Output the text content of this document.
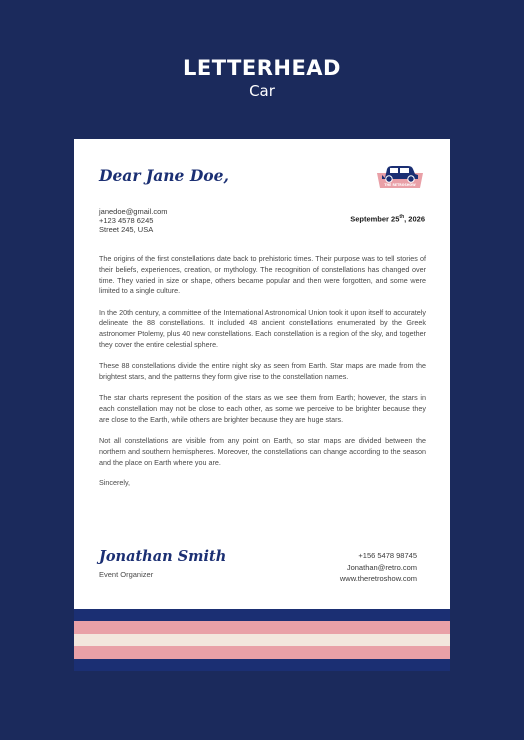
LETTERHEAD
Car
Dear Jane Doe,	THE RETROSHOW
janedoe@gmail.com
+123 4578 6245
Street 245, USA
September 25th, 2026

The origins of the first constellations date back to prehistoric times. Their purpose was to tell stories of their beliefs, experiences, creation, or mythology. The recognition of constellations has changed over time. They varied in size or shape, others became popular and then were forgotten, and some were limited to a single culture.

In the 20th century, a committee of the International Astronomical Union took it upon itself to accurately delineate the 88 constellations. It included 48 ancient constellations enumerated by the Greek astronomer Ptolemy, plus 40 new constellations. Each constellation is a region of the sky, and together they cover the entire celestial sphere.

These 88 constellations divide the entire night sky as seen from Earth. Star maps are made from the brightest stars, and the patterns they form give rise to the constellation names.

The star charts represent the position of the stars as we see them from Earth; however, the stars in each constellation may not be close to each other, as some we perceive to be brighter because they are close to the Earth, while others are brighter because they are huge stars.

Not all constellations are visible from any point on Earth, so star maps are divided between the northern and southern hemispheres. Moreover, the constellations can change according to the season and the place on Earth where you are.

Sincerely,
Jonathan Smith
Event Organizer
+156 5478 98745
Jonathan@retro.com
www.theretroshow.com
